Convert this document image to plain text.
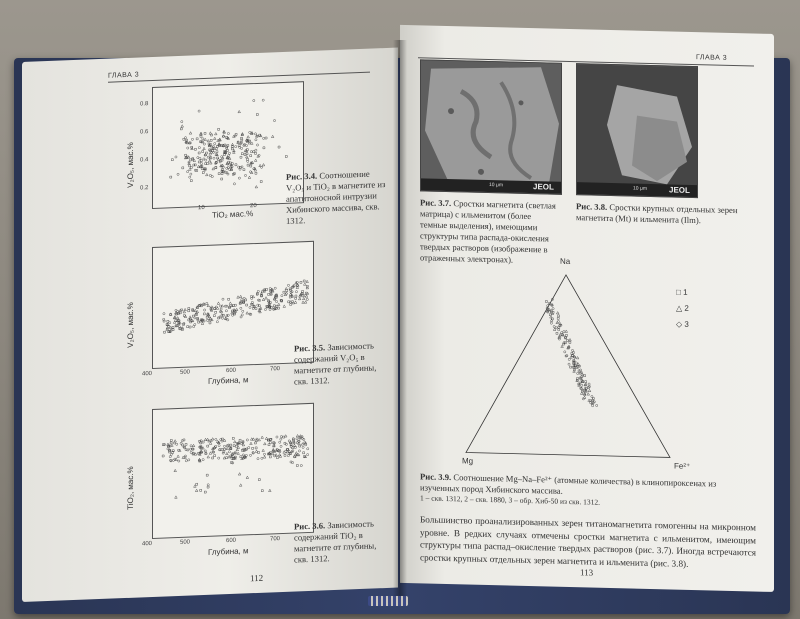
ГЛАВА 3
V₂O₅, мас.%
TiO₂ мас.%
10	20
0.8
0.6
0.4
0.2
Рис. 3.4. Соотношение V₂O₅ и TiO₂ в магнетите из апатитоносной интрузии Хибинского массива, скв. 1312.
V₂O₅, мас.%
Глубина, м
400	500	600	700
Рис. 3.5. Зависимость содержаний V₂O₅ в магнетите от глубины, скв. 1312.
TiO₂, мас.%
Глубина, м
400	500	600	700
Рис. 3.6. Зависимость содержаний TiO₂ в магнетите от глубины, скв. 1312.
112
ГЛАВА 3
10 μm	JEOL	10 μm	JEOL
Рис. 3.7. Сростки магнетита (светлая матрица) с ильменитом (более темные выделения), имеющими структуры типа распада-окисления твердых растворов (изображение в отраженных электронах).
Рис. 3.8. Сростки крупных отдельных зерен магнетита (Mt) и ильменита (Ilm).
Na
Mg
Fe²⁺
□ 1
△ 2
◇ 3
Рис. 3.9. Соотношение Mg–Na–Fe²⁺ (атомные количества) в клинопироксенах из изученных пород Хибинского массива.
1 – скв. 1312, 2 – скв. 1880, 3 – обр. Хиб-50 из скв. 1312.
Большинство проанализированных зерен титаномагнетита гомогенны на микронном уровне. В редких случаях отмечены сростки магнетита с ильменитом, имеющим структуры типа распад–окисление твердых растворов (рис. 3.7). Иногда встречаются сростки крупных отдельных зерен магнетита и ильменита (рис. 3.8).
113
